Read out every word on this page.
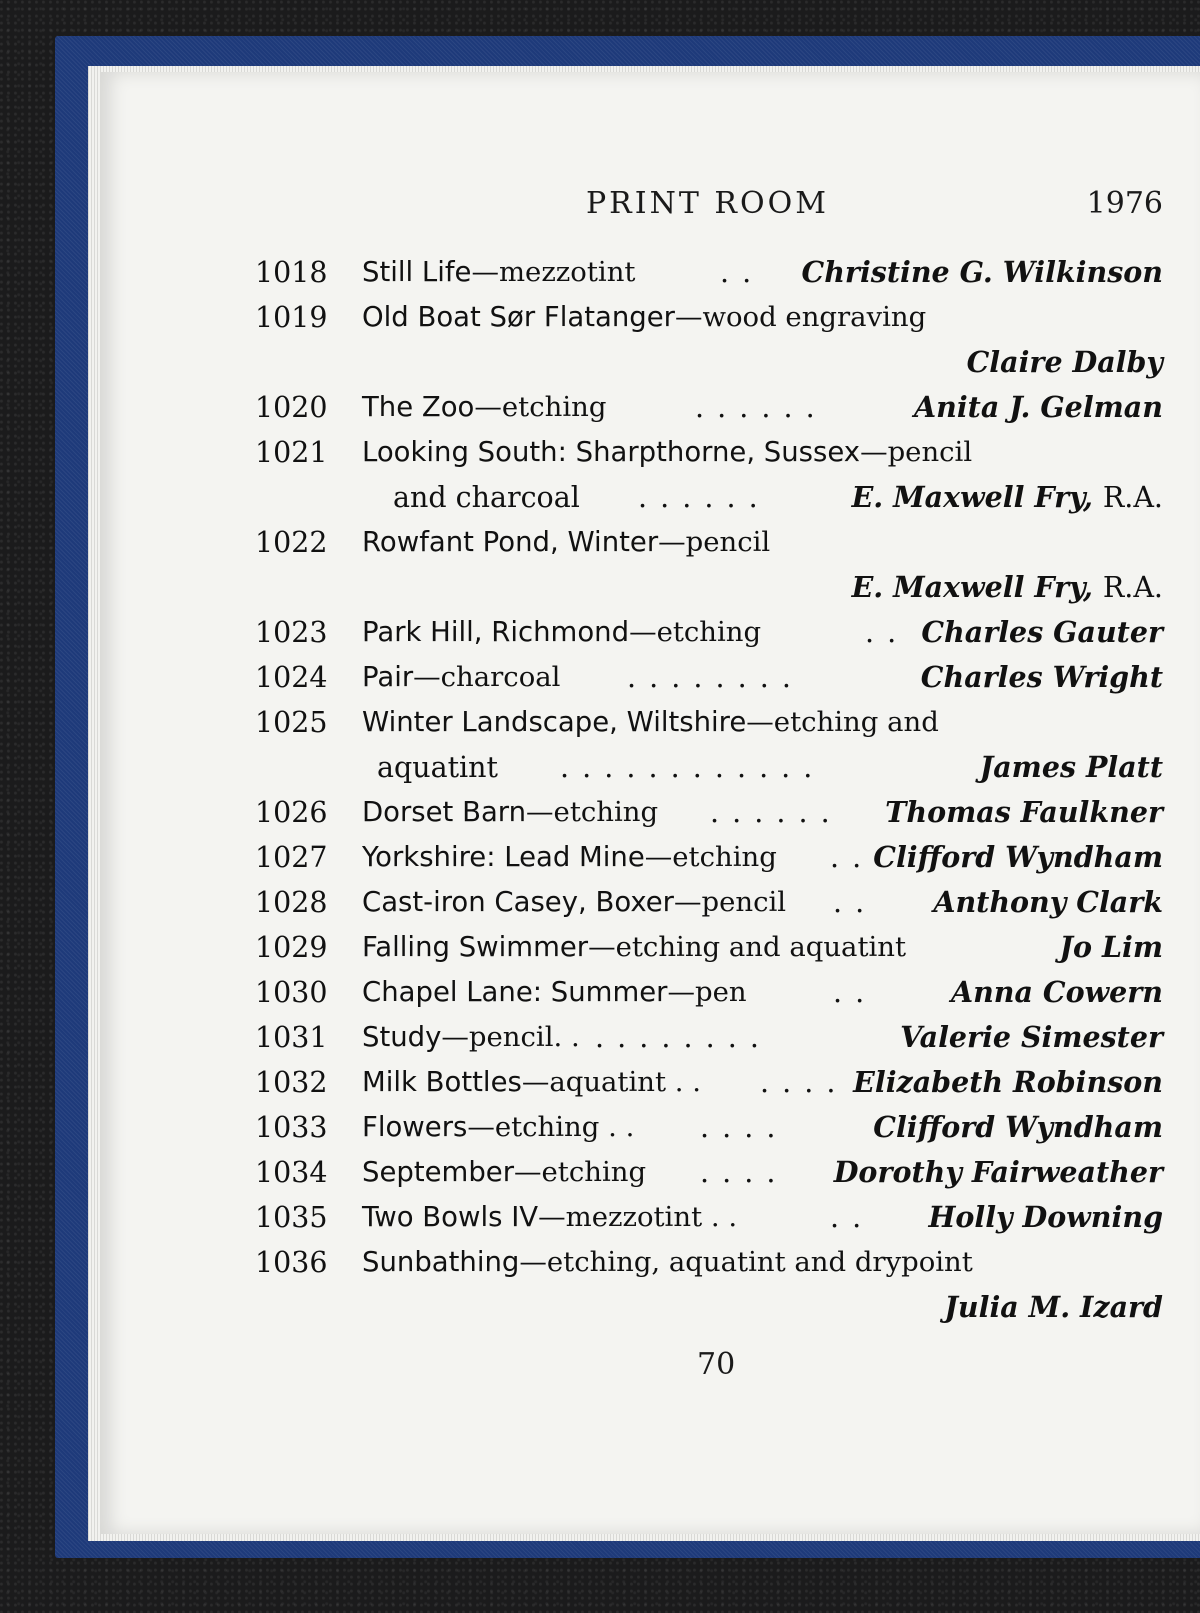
PRINT ROOM	1976
1018 Still Life—mezzotint	. . Christine G. Wilkinson
1019 Old Boat Sør Flatanger—wood engraving
Claire Dalby
1020 The Zoo—etching	. . . . . .	Anita J. Gelman
1021 Looking South: Sharpthorne, Sussex—pencil
and charcoal . . . . . .	E. Maxwell Fry, R.A.
1022 Rowfant Pond, Winter—pencil
E. Maxwell Fry, R.A.
1023 Park Hill, Richmond—etching	. . Charles Gauter
1024 Pair—charcoal . . . . . . . .	Charles Wright
1025 Winter Landscape, Wiltshire—etching and
aquatint . . . . . . . . . . . .	James Platt
1026 Dorset Barn—etching . . . . . . Thomas Faulkner
1027 Yorkshire: Lead Mine—etching . . Clifford Wyndham
1028 Cast-iron Casey, Boxer—pencil . . Anthony Clark
1029 Falling Swimmer—etching and aquatint	Jo Lim
1030 Chapel Lane: Summer—pen	. .	Anna Cowern
1031 Study—pencil. . . . . . . . . .	Valerie Simester
1032 Milk Bottles—aquatint . . . . . . Elizabeth Robinson
1033 Flowers—etching . . . . . .	Clifford Wyndham
1034 September—etching . . . . Dorothy Fairweather
1035 Two Bowls IV—mezzotint . .	. . Holly Downing
1036 Sunbathing—etching, aquatint and drypoint
Julia M. Izard
70
